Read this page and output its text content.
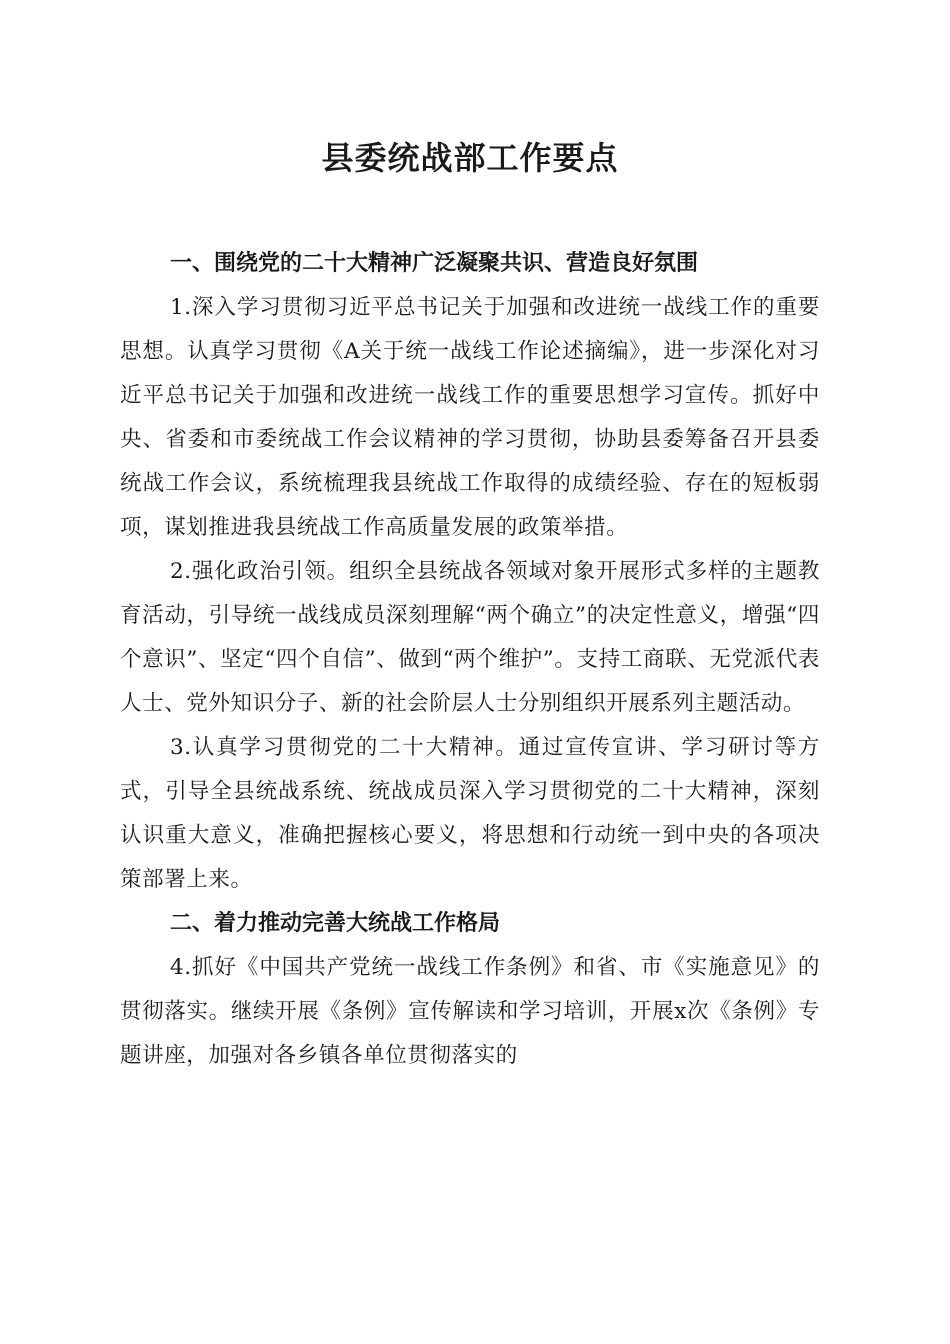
县委统战部工作要点

一、围绕党的二十大精神广泛凝聚共识、营造良好氛围

1.深入学习贯彻习近平总书记关于加强和改进统一战线工作的重要思想。认真学习贯彻《A关于统一战线工作论述摘编》，进一步深化对习近平总书记关于加强和改进统一战线工作的重要思想学习宣传。抓好中央、省委和市委统战工作会议精神的学习贯彻，协助县委筹备召开县委统战工作会议，系统梳理我县统战工作取得的成绩经验、存在的短板弱项，谋划推进我县统战工作高质量发展的政策举措。

2.强化政治引领。组织全县统战各领域对象开展形式多样的主题教育活动，引导统一战线成员深刻理解“两个确立”的决定性意义，增强“四个意识”、坚定“四个自信”、做到“两个维护”。支持工商联、无党派代表人士、党外知识分子、新的社会阶层人士分别组织开展系列主题活动。

3.认真学习贯彻党的二十大精神。通过宣传宣讲、学习研讨等方式，引导全县统战系统、统战成员深入学习贯彻党的二十大精神，深刻认识重大意义，准确把握核心要义，将思想和行动统一到中央的各项决策部署上来。

二、着力推动完善大统战工作格局

4.抓好《中国共产党统一战线工作条例》和省、市《实施意见》的贯彻落实。继续开展《条例》宣传解读和学习培训，开展x次《条例》专题讲座，加强对各乡镇各单位贯彻落实的
